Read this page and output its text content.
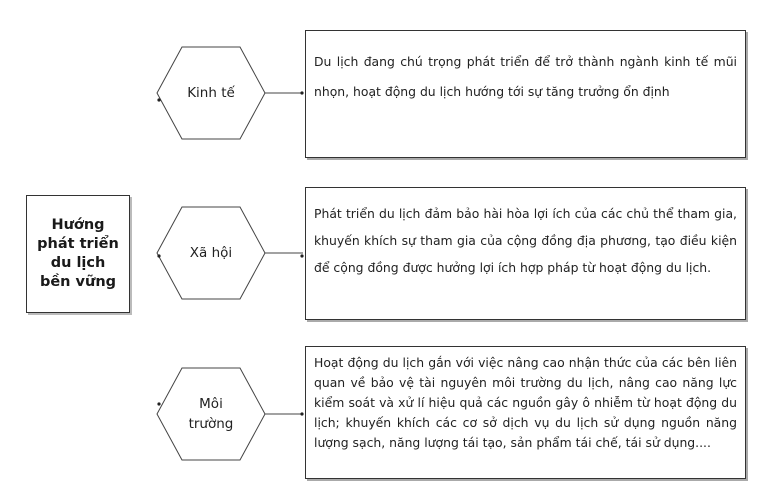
Hướng phát triển du lịch bền vững
Kinh tế
Xã hội
Môi trường
Du lịch đang chú trọng phát triển để trở thành ngành kinh tế mũi nhọn, hoạt động du lịch hướng tới sự tăng trưởng ổn định
Phát triển du lịch đảm bảo hài hòa lợi ích của các chủ thể tham gia, khuyến khích sự tham gia của cộng đồng địa phương, tạo điều kiện để cộng đồng được hưởng lợi ích hợp pháp từ hoạt động du lịch.
Hoạt động du lịch gắn với việc nâng cao nhận thức của các bên liên quan về bảo vệ tài nguyên môi trường du lịch, nâng cao năng lực kiểm soát và xử lí hiệu quả các nguồn gây ô nhiễm từ hoạt động du lịch; khuyến khích các cơ sở dịch vụ du lịch sử dụng nguồn năng lượng sạch, năng lượng tái tạo, sản phẩm tái chế, tái sử dụng....
